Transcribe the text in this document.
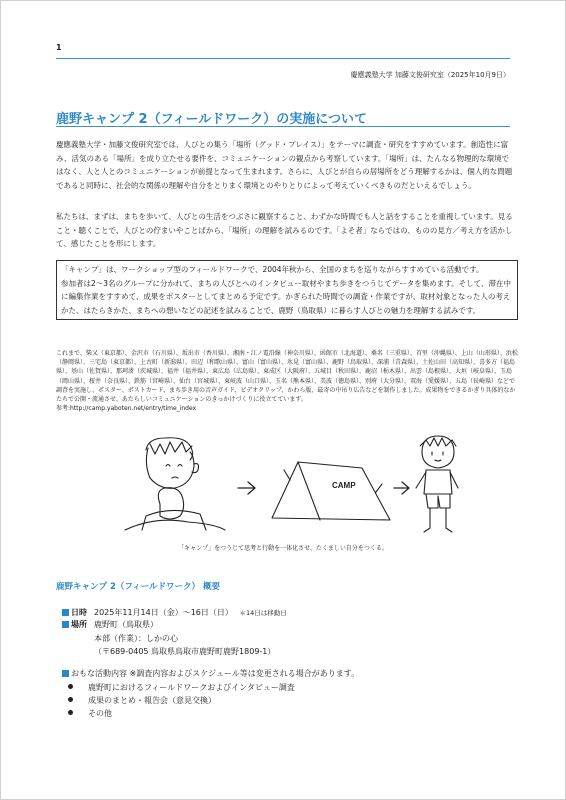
1
慶應義塾大学 加藤文俊研究室（2025年10月9日）
鹿野キャンプ 2（フィールドワーク）の実施について

慶應義塾大学・加藤文俊研究室では、人びとの集う「場所（グッド・プレイス）」をテーマに調査・研究をすすめています。創造性に富み、活気のある「場所」を成り立たせる要件を、コミュニケーションの観点から考察しています。「場所」は、たんなる物理的な環境ではなく、人と人とのコミュニケーションが前提となって生まれます。さらに、人びとが自らの居場所をどう理解するかは、個人的な問題であると同時に、社会的な関係の理解や自分をとりまく環境とのやりとりによって考えていくべきものだといえるでしょう。

私たちは、まずは、まちを歩いて、人びとの生活をつぶさに観察すること、わずかな時間でも人と話をすることを重視しています。見ること・聴くことで、人びとの佇まいやことばから、「場所」の理解を試みるのです。「よそ者」ならではの、ものの見方／考え方を活かして、感じたことを形にします。

「キャンプ」は、ワークショップ型のフィールドワークで、2004年秋から、全国のまちを巡りながらすすめている活動です。

参加者は2～3名のグループに分かれて、まちの人びとへのインタビュー取材やまち歩きをつうじてデータを集めます。そして、滞在中に編集作業をすすめて、成果をポスターとしてまとめる予定です。かぎられた時間での調査・作業ですが、取材対象となった人の考えかた、はたらきかた、まちへの想いなどの記述を試みることで、鹿野（鳥取県）に暮らす人びとの魅力を理解する試みです。

これまで、柴又（東京都）、金沢市（石川県）、坂出市（香川県）、湘南・江ノ電沿線（神奈川県）、函館市（北海道）、桑名（三重県）、首里（沖縄県）、上山（山形県）、浜松（静岡県）、三宅島（東京都）、上古町（新潟県）、田辺（和歌山県）、富山（富山県）、氷見（富山県）、鹿野（鳥取県）、深浦（青森県）、土佐山田（高知県）、喜多方（福島県）、基山（佐賀県）、那珂湊（茨城県）、福井（福井県）、東広島（広島県）、東成区（大阪府）、五城目（秋田県）、鹿沼（栃木県）、出雲（島根県）、大垣（岐阜県）、玉島（岡山県）、桜井（奈良県）、鉄筋（宮崎県）、仙台（宮城県）、東岐波（山口県）、玉名（熊本県）、美波（徳島県）、別府（大分県）、双海（愛媛県）、五島（長崎県）などで調査を実施し、ポスター、ポストカード、まち歩き用の音声ガイド、ビデオクリップ、かわら版、最寄の中吊り広告などを制作しました。成果物をできるかぎり具体的なかたちで公開・流通させ、あたらしいコミュニケーションのきっかけづくりに役立てています。

参考:http://camp.yaboten.net/entry/time_index

CAMP
「キャンプ」をつうじて思考と行動を一体化させ、たくましい自分をつくる。
鹿野キャンプ 2（フィールドワーク） 概要
日時 2025年11月14日（金）～16日（日） ＊14日は移動日
場所 鹿野町（鳥取県）
本部（作業）：しかの心
（〒689-0405 鳥取県鳥取市鹿野町鹿野1809-1）
おもな活動内容 ※調査内容およびスケジュール等は変更される場合があります。
鹿野町におけるフィールドワークおよびインタビュー調査
成果のまとめ・報告会（意見交換）
その他
